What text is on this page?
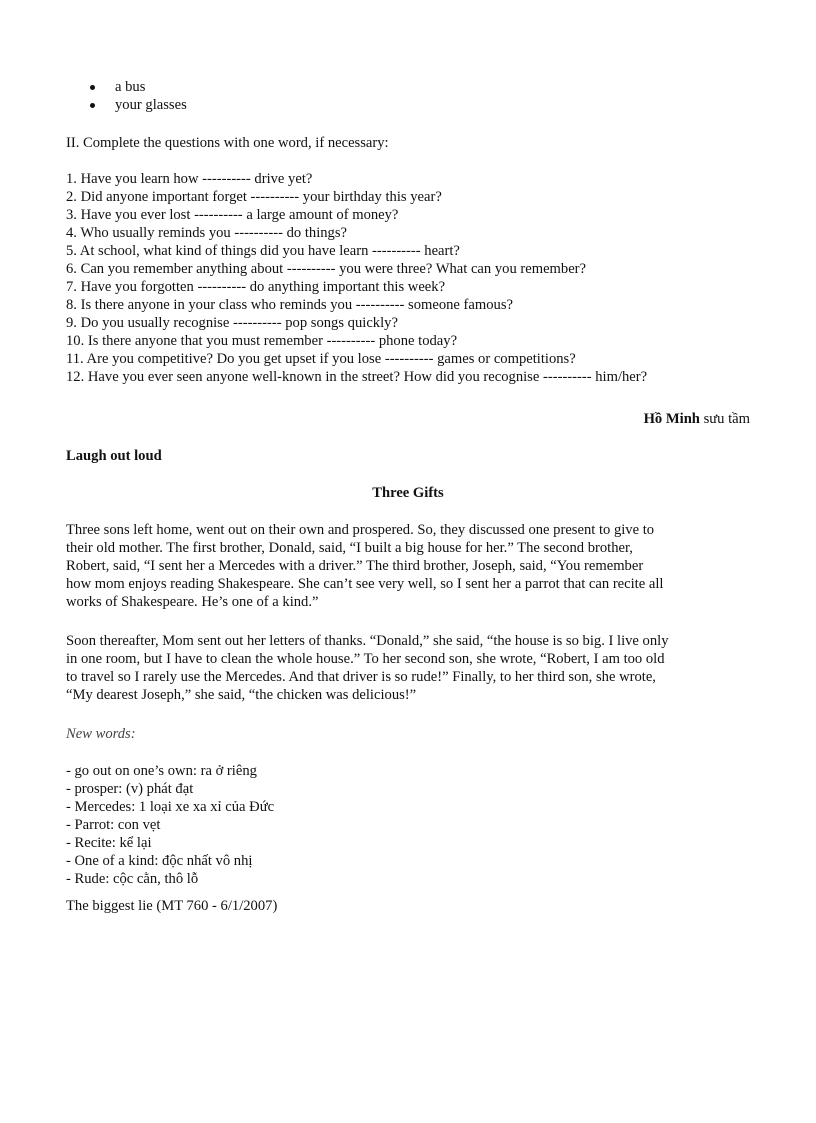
a bus
your glasses
II. Complete the questions with one word, if necessary:
1. Have you learn how ---------- drive yet?
2. Did anyone important forget ---------- your birthday this year?
3. Have you ever lost ---------- a large amount of money?
4. Who usually reminds you ---------- do things?
5. At school, what kind of things did you have learn ---------- heart?
6. Can you remember anything about ---------- you were three? What can you remember?
7. Have you forgotten ---------- do anything important this week?
8. Is there anyone in your class who reminds you ---------- someone famous?
9. Do you usually recognise ---------- pop songs quickly?
10. Is there anyone that you must remember ---------- phone today?
11. Are you competitive? Do you get upset if you lose ---------- games or competitions?
12. Have you ever seen anyone well-known in the street? How did you recognise ---------- him/her?
Hồ Minh sưu tầm
Laugh out loud
Three Gifts
Three sons left home, went out on their own and prospered. So, they discussed one present to give to
their old mother. The first brother, Donald, said, “I built a big house for her.” The second brother,
Robert, said, “I sent her a Mercedes with a driver.” The third brother, Joseph, said, “You remember
how mom enjoys reading Shakespeare. She can’t see very well, so I sent her a parrot that can recite all
works of Shakespeare. He’s one of a kind.”
Soon thereafter, Mom sent out her letters of thanks. “Donald,” she said, “the house is so big. I live only
in one room, but I have to clean the whole house.” To her second son, she wrote, “Robert, I am too old
to travel so I rarely use the Mercedes. And that driver is so rude!” Finally, to her third son, she wrote,
“My dearest Joseph,” she said, “the chicken was delicious!”
New words:
- go out on one’s own: ra ở riêng
- prosper: (v) phát đạt
- Mercedes: 1 loại xe xa xỉ của Đức
- Parrot: con vẹt
- Recite: kể lại
- One of a kind: độc nhất vô nhị
- Rude: cộc cằn, thô lỗ
The biggest lie (MT 760 - 6/1/2007)
